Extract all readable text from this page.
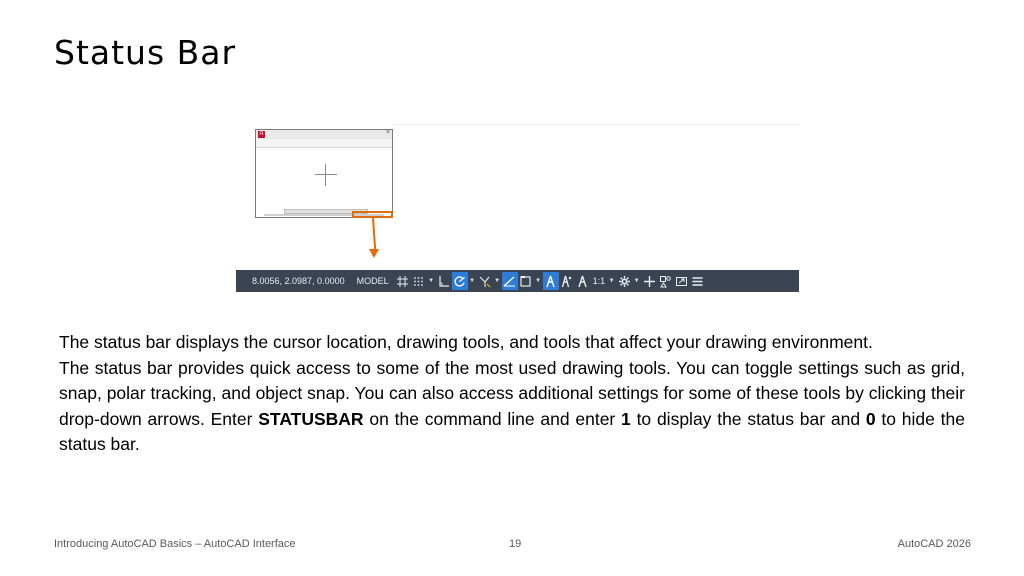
Status Bar
A	×
8.0056, 2.0987, 0.0000	MODEL	▼	▼	▼	▼	1:1 ▼	▼

The status bar displays the cursor location, drawing tools, and tools that affect your drawing environment.

The status bar provides quick access to some of the most used drawing tools. You can toggle settings such as grid, snap, polar tracking, and object snap. You can also access additional settings for some of these tools by clicking their drop-down arrows. Enter STATUSBAR on the command line and enter 1 to display the status bar and 0 to hide the status bar.

Introducing AutoCAD Basics – AutoCAD Interface	19	AutoCAD 2026
